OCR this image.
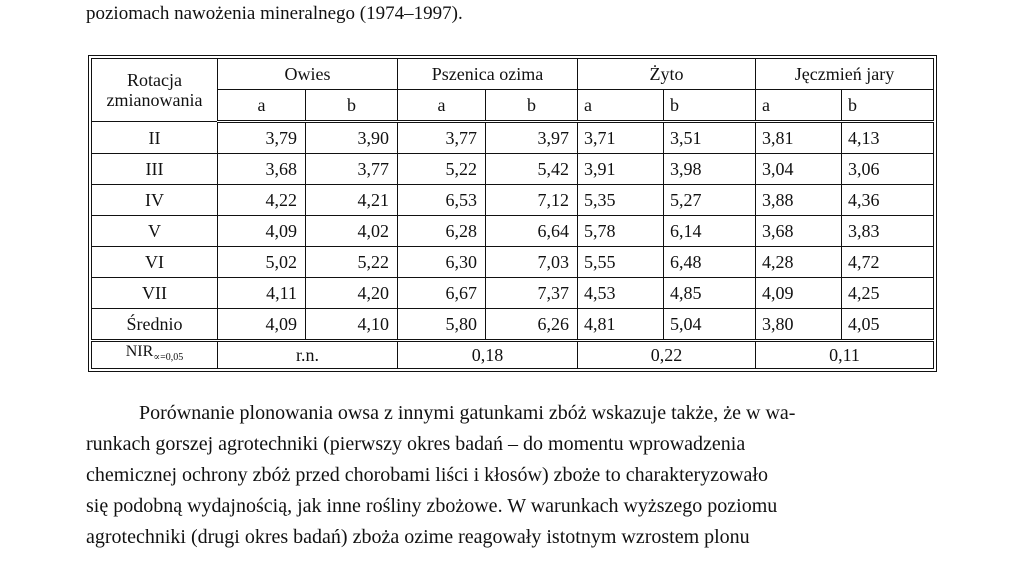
poziomach nawożenia mineralnego (1974–1997).
Rotacja
zmianowania	Owies		Pszenica ozima		Żyto		Jęczmień jary	
	a	b	a	b	a	b	a	b
II	3,79	3,90	3,77	3,97	3,71	3,51	3,81	4,13
III	3,68	3,77	5,22	5,42	3,91	3,98	3,04	3,06
IV	4,22	4,21	6,53	7,12	5,35	5,27	3,88	4,36
V	4,09	4,02	6,28	6,64	5,78	6,14	3,68	3,83
VI	5,02	5,22	6,30	7,03	5,55	6,48	4,28	4,72
VII	4,11	4,20	6,67	7,37	4,53	4,85	4,09	4,25
Średnio	4,09	4,10	5,80	6,26	4,81	5,04	3,80	4,05
$NIR_{\propto=0,05}$	r.n.		0,18		0,22		0,11	

Porównanie plonowania owsa z innymi gatunkami zbóż wskazuje także, że w wa-

runkach gorszej agrotechniki (pierwszy okres badań – do momentu wprowadzenia

chemicznej ochrony zbóż przed chorobami liści i kłosów) zboże to charakteryzowało

się podobną wydajnością, jak inne rośliny zbożowe. W warunkach wyższego poziomu

agrotechniki (drugi okres badań) zboża ozime reagowały istotnym wzrostem plonu
